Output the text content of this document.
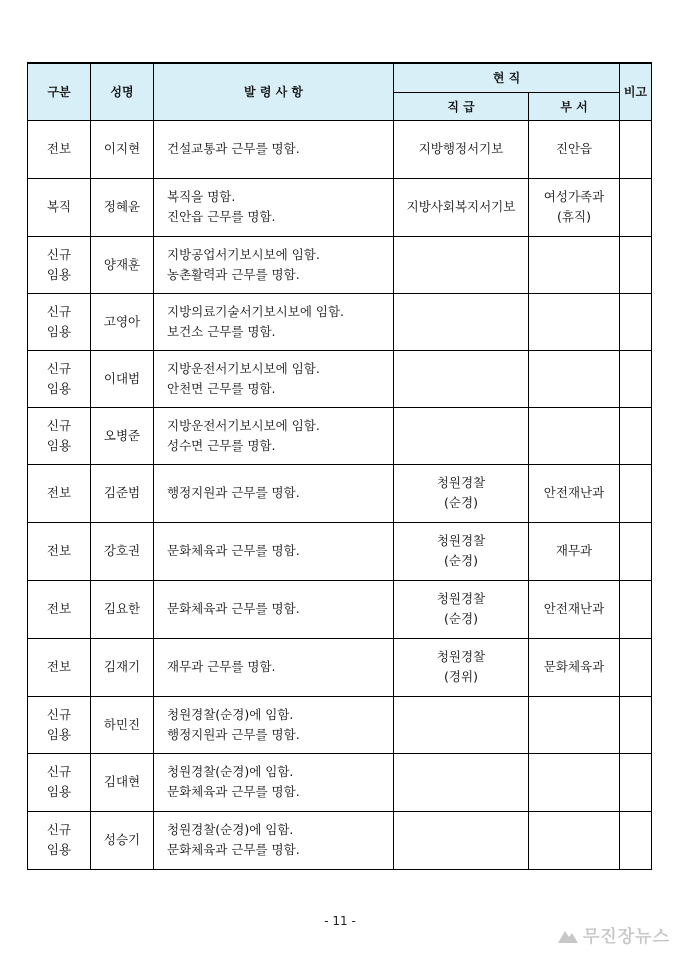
구분	성명	발 령 사 항	현 직		비고
			직 급	부 서	

전보	이지현	건설교통과 근무를 명함.	지방행정서기보	진안읍	

복직	정혜윤	복직을 명함.
진안읍 근무를 명함.	지방사회복지서기보	여성가족과
(휴직)	

신규
임용	양재훈	지방공업서기보시보에 임함.
농촌활력과 근무를 명함.			

신규
임용	고영아	지방의료기술서기보시보에 임함.
보건소 근무를 명함.			

신규
임용	이대범	지방운전서기보시보에 임함.
안천면 근무를 명함.			

신규
임용	오병준	지방운전서기보시보에 임함.
성수면 근무를 명함.			

전보	김준범	행정지원과 근무를 명함.	청원경찰
(순경)	안전재난과	

전보	강호권	문화체육과 근무를 명함.	청원경찰
(순경)	재무과	

전보	김요한	문화체육과 근무를 명함.	청원경찰
(순경)	안전재난과	

전보	김재기	재무과 근무를 명함.	청원경찰
(경위)	문화체육과	

신규
임용	하민진	청원경찰(순경)에 임함.
행정지원과 근무를 명함.			

신규
임용	김대현	청원경찰(순경)에 임함.
문화체육과 근무를 명함.			

신규
임용	성승기	청원경찰(순경)에 임함.
문화체육과 근무를 명함.			

- 11 -
무진장뉴스
